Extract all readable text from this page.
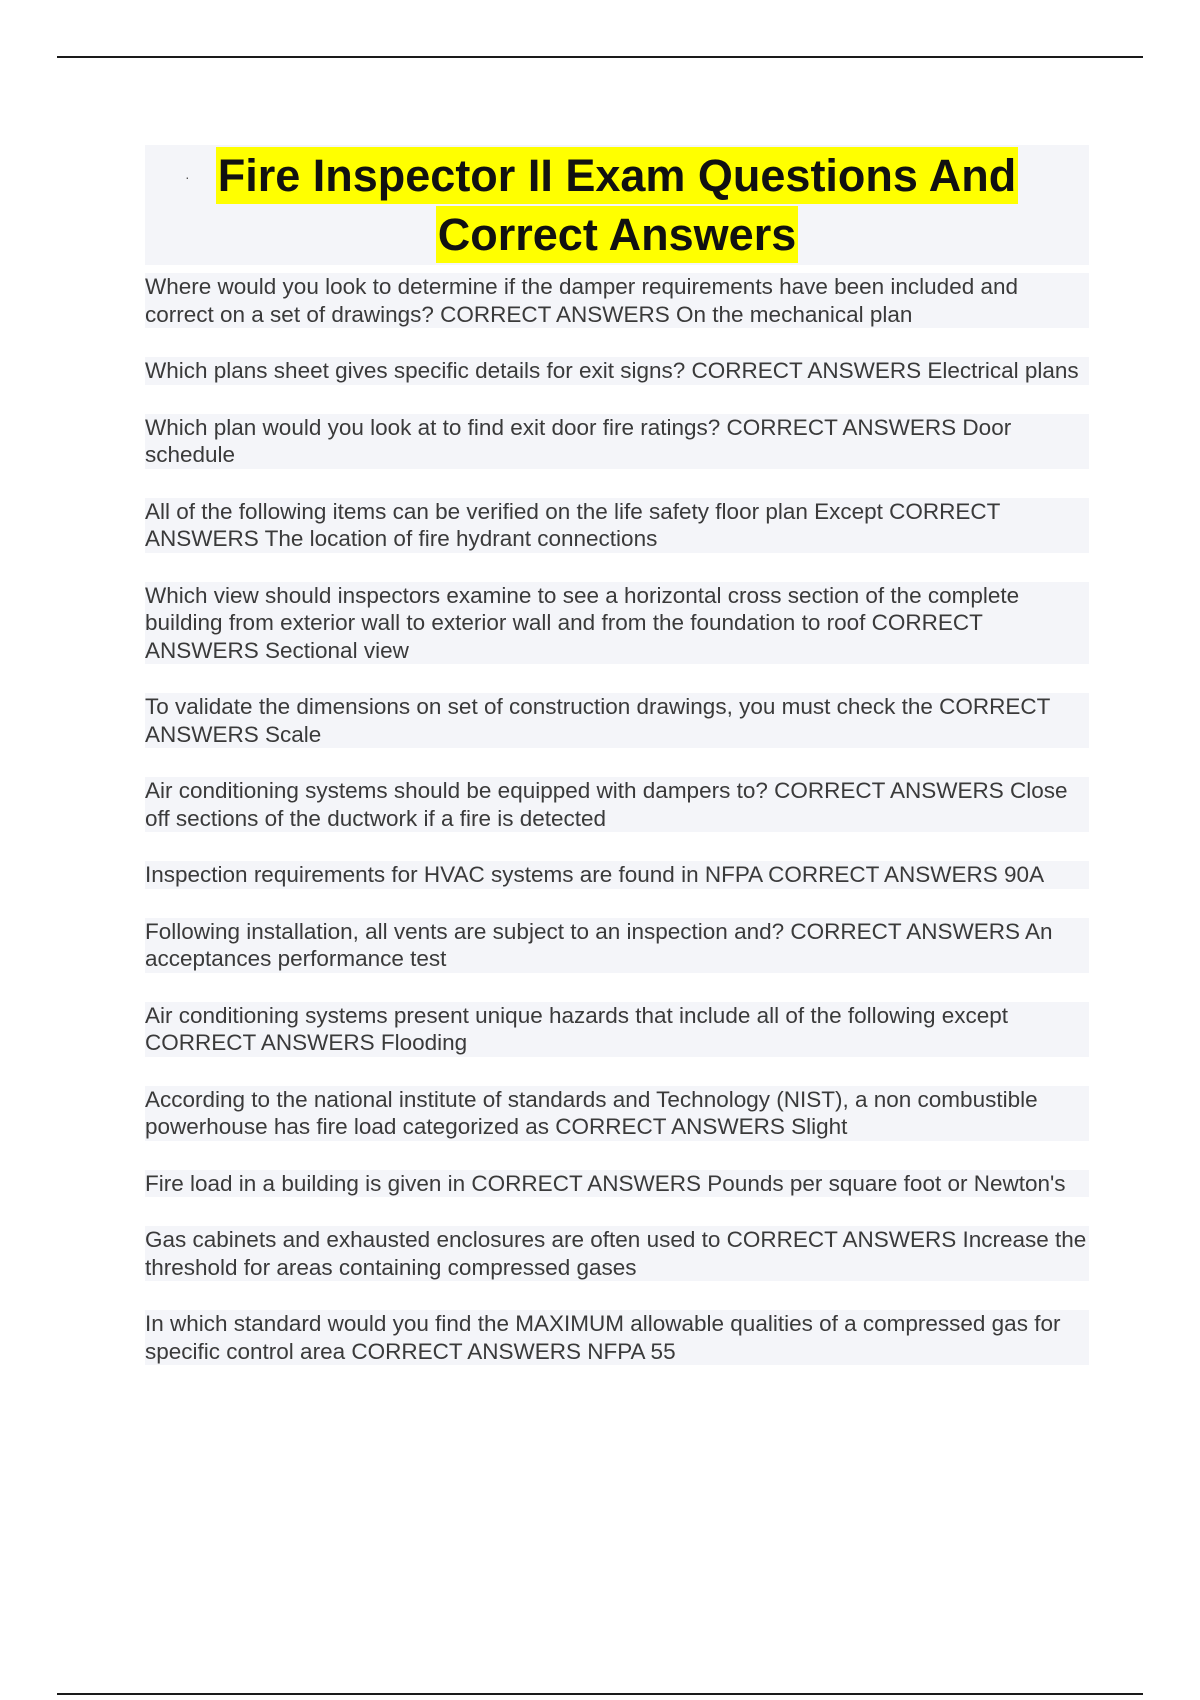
· Fire Inspector II Exam Questions And
Correct Answers

Where would you look to determine if the damper requirements have been included and correct on a set of drawings? CORRECT ANSWERS On the mechanical plan

Which plans sheet gives specific details for exit signs? CORRECT ANSWERS Electrical plans

Which plan would you look at to find exit door fire ratings? CORRECT ANSWERS Door schedule

All of the following items can be verified on the life safety floor plan Except CORRECT ANSWERS The location of fire hydrant connections

Which view should inspectors examine to see a horizontal cross section of the complete building from exterior wall to exterior wall and from the foundation to roof CORRECT ANSWERS Sectional view

To validate the dimensions on set of construction drawings, you must check the CORRECT ANSWERS Scale

Air conditioning systems should be equipped with dampers to? CORRECT ANSWERS Close off sections of the ductwork if a fire is detected

Inspection requirements for HVAC systems are found in NFPA CORRECT ANSWERS 90A

Following installation, all vents are subject to an inspection and? CORRECT ANSWERS An acceptances performance test

Air conditioning systems present unique hazards that include all of the following except CORRECT ANSWERS Flooding

According to the national institute of standards and Technology (NIST), a non combustible powerhouse has fire load categorized as CORRECT ANSWERS Slight

Fire load in a building is given in CORRECT ANSWERS Pounds per square foot or Newton's

Gas cabinets and exhausted enclosures are often used to CORRECT ANSWERS Increase the threshold for areas containing compressed gases

In which standard would you find the MAXIMUM allowable qualities of a compressed gas for specific control area CORRECT ANSWERS NFPA 55
